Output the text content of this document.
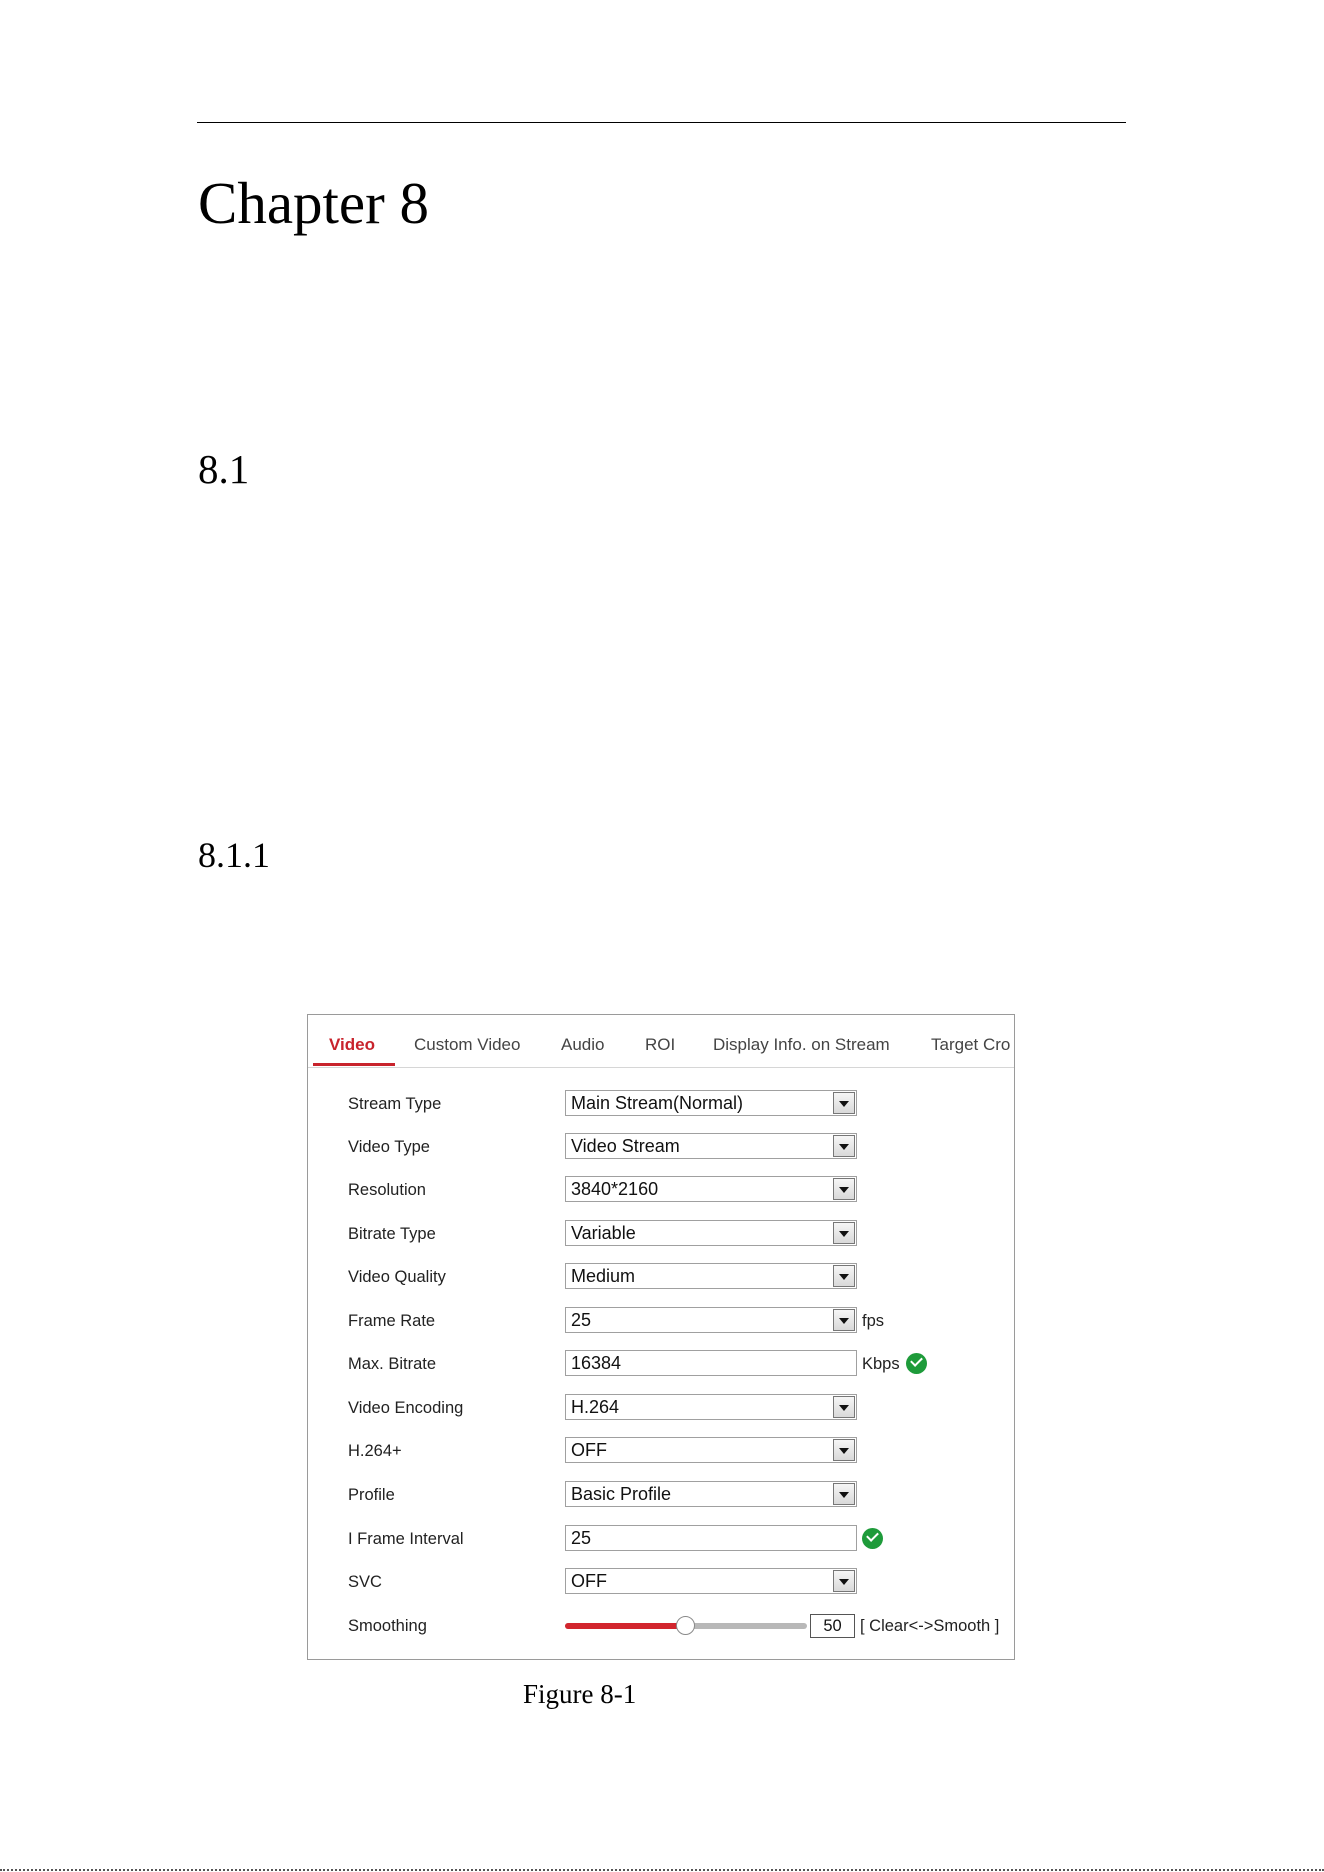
Chapter 8
8.1
8.1.1
Video Custom Video Audio ROI Display Info. on Stream Target Cro
Stream Type	Main Stream(Normal)
Video Type	Video Stream
Resolution	3840*2160
Bitrate Type	Variable
Video Quality	Medium
Frame Rate	25	fps
Max. Bitrate	16384	Kbps
Video Encoding	H.264
H.264+	OFF
Profile	Basic Profile
I Frame Interval	25
SVC	OFF
Smoothing	50	[ Clear<->Smooth ]
Figure 8-1
